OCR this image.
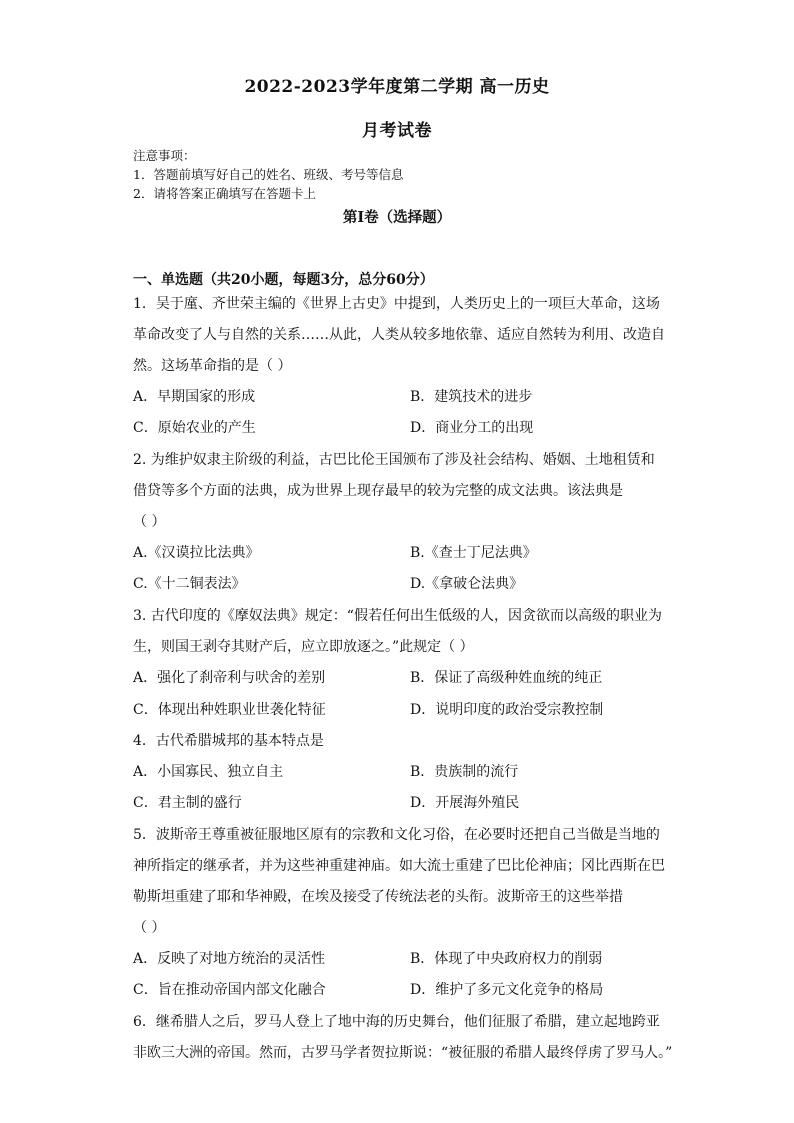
2022-2023学年度第二学期 高一历史
月考试卷
注意事项：
1．答题前填写好自己的姓名、班级、考号等信息
2．请将答案正确填写在答题卡上
第I卷（选择题）
一、单选题（共20小题，每题3分，总分60分）
1．吴于廑、齐世荣主编的《世界上古史》中提到，人类历史上的一项巨大革命，这场
革命改变了人与自然的关系……从此，人类从较多地依靠、适应自然转为利用、改造自
然。这场革命指的是（ ）
A．早期国家的形成	B．建筑技术的进步
C．原始农业的产生	D．商业分工的出现
2. 为维护奴隶主阶级的利益，古巴比伦王国颁布了涉及社会结构、婚姻、土地租赁和
借贷等多个方面的法典，成为世界上现存最早的较为完整的成文法典。该法典是
（ ）
A.《汉谟拉比法典》	B.《查士丁尼法典》
C.《十二铜表法》	D.《拿破仑法典》
3. 古代印度的《摩奴法典》规定：“假若任何出生低级的人，因贪欲而以高级的职业为
生，则国王剥夺其财产后，应立即放逐之。”此规定（ ）
A．强化了刹帝利与吠舍的差别	B．保证了高级种姓血统的纯正
C．体现出种姓职业世袭化特征	D．说明印度的政治受宗教控制
4．古代希腊城邦的基本特点是
A．小国寡民、独立自主	B．贵族制的流行
C．君主制的盛行	D．开展海外殖民
5．波斯帝王尊重被征服地区原有的宗教和文化习俗，在必要时还把自己当做是当地的
神所指定的继承者，并为这些神重建神庙。如大流士重建了巴比伦神庙；冈比西斯在巴
勒斯坦重建了耶和华神殿，在埃及接受了传统法老的头衔。波斯帝王的这些举措
（ ）
A．反映了对地方统治的灵活性	B．体现了中央政府权力的削弱
C．旨在推动帝国内部文化融合	D．维护了多元文化竞争的格局
6．继希腊人之后，罗马人登上了地中海的历史舞台，他们征服了希腊，建立起地跨亚
非欧三大洲的帝国。然而，古罗马学者贺拉斯说：“被征服的希腊人最终俘虏了罗马人。”
